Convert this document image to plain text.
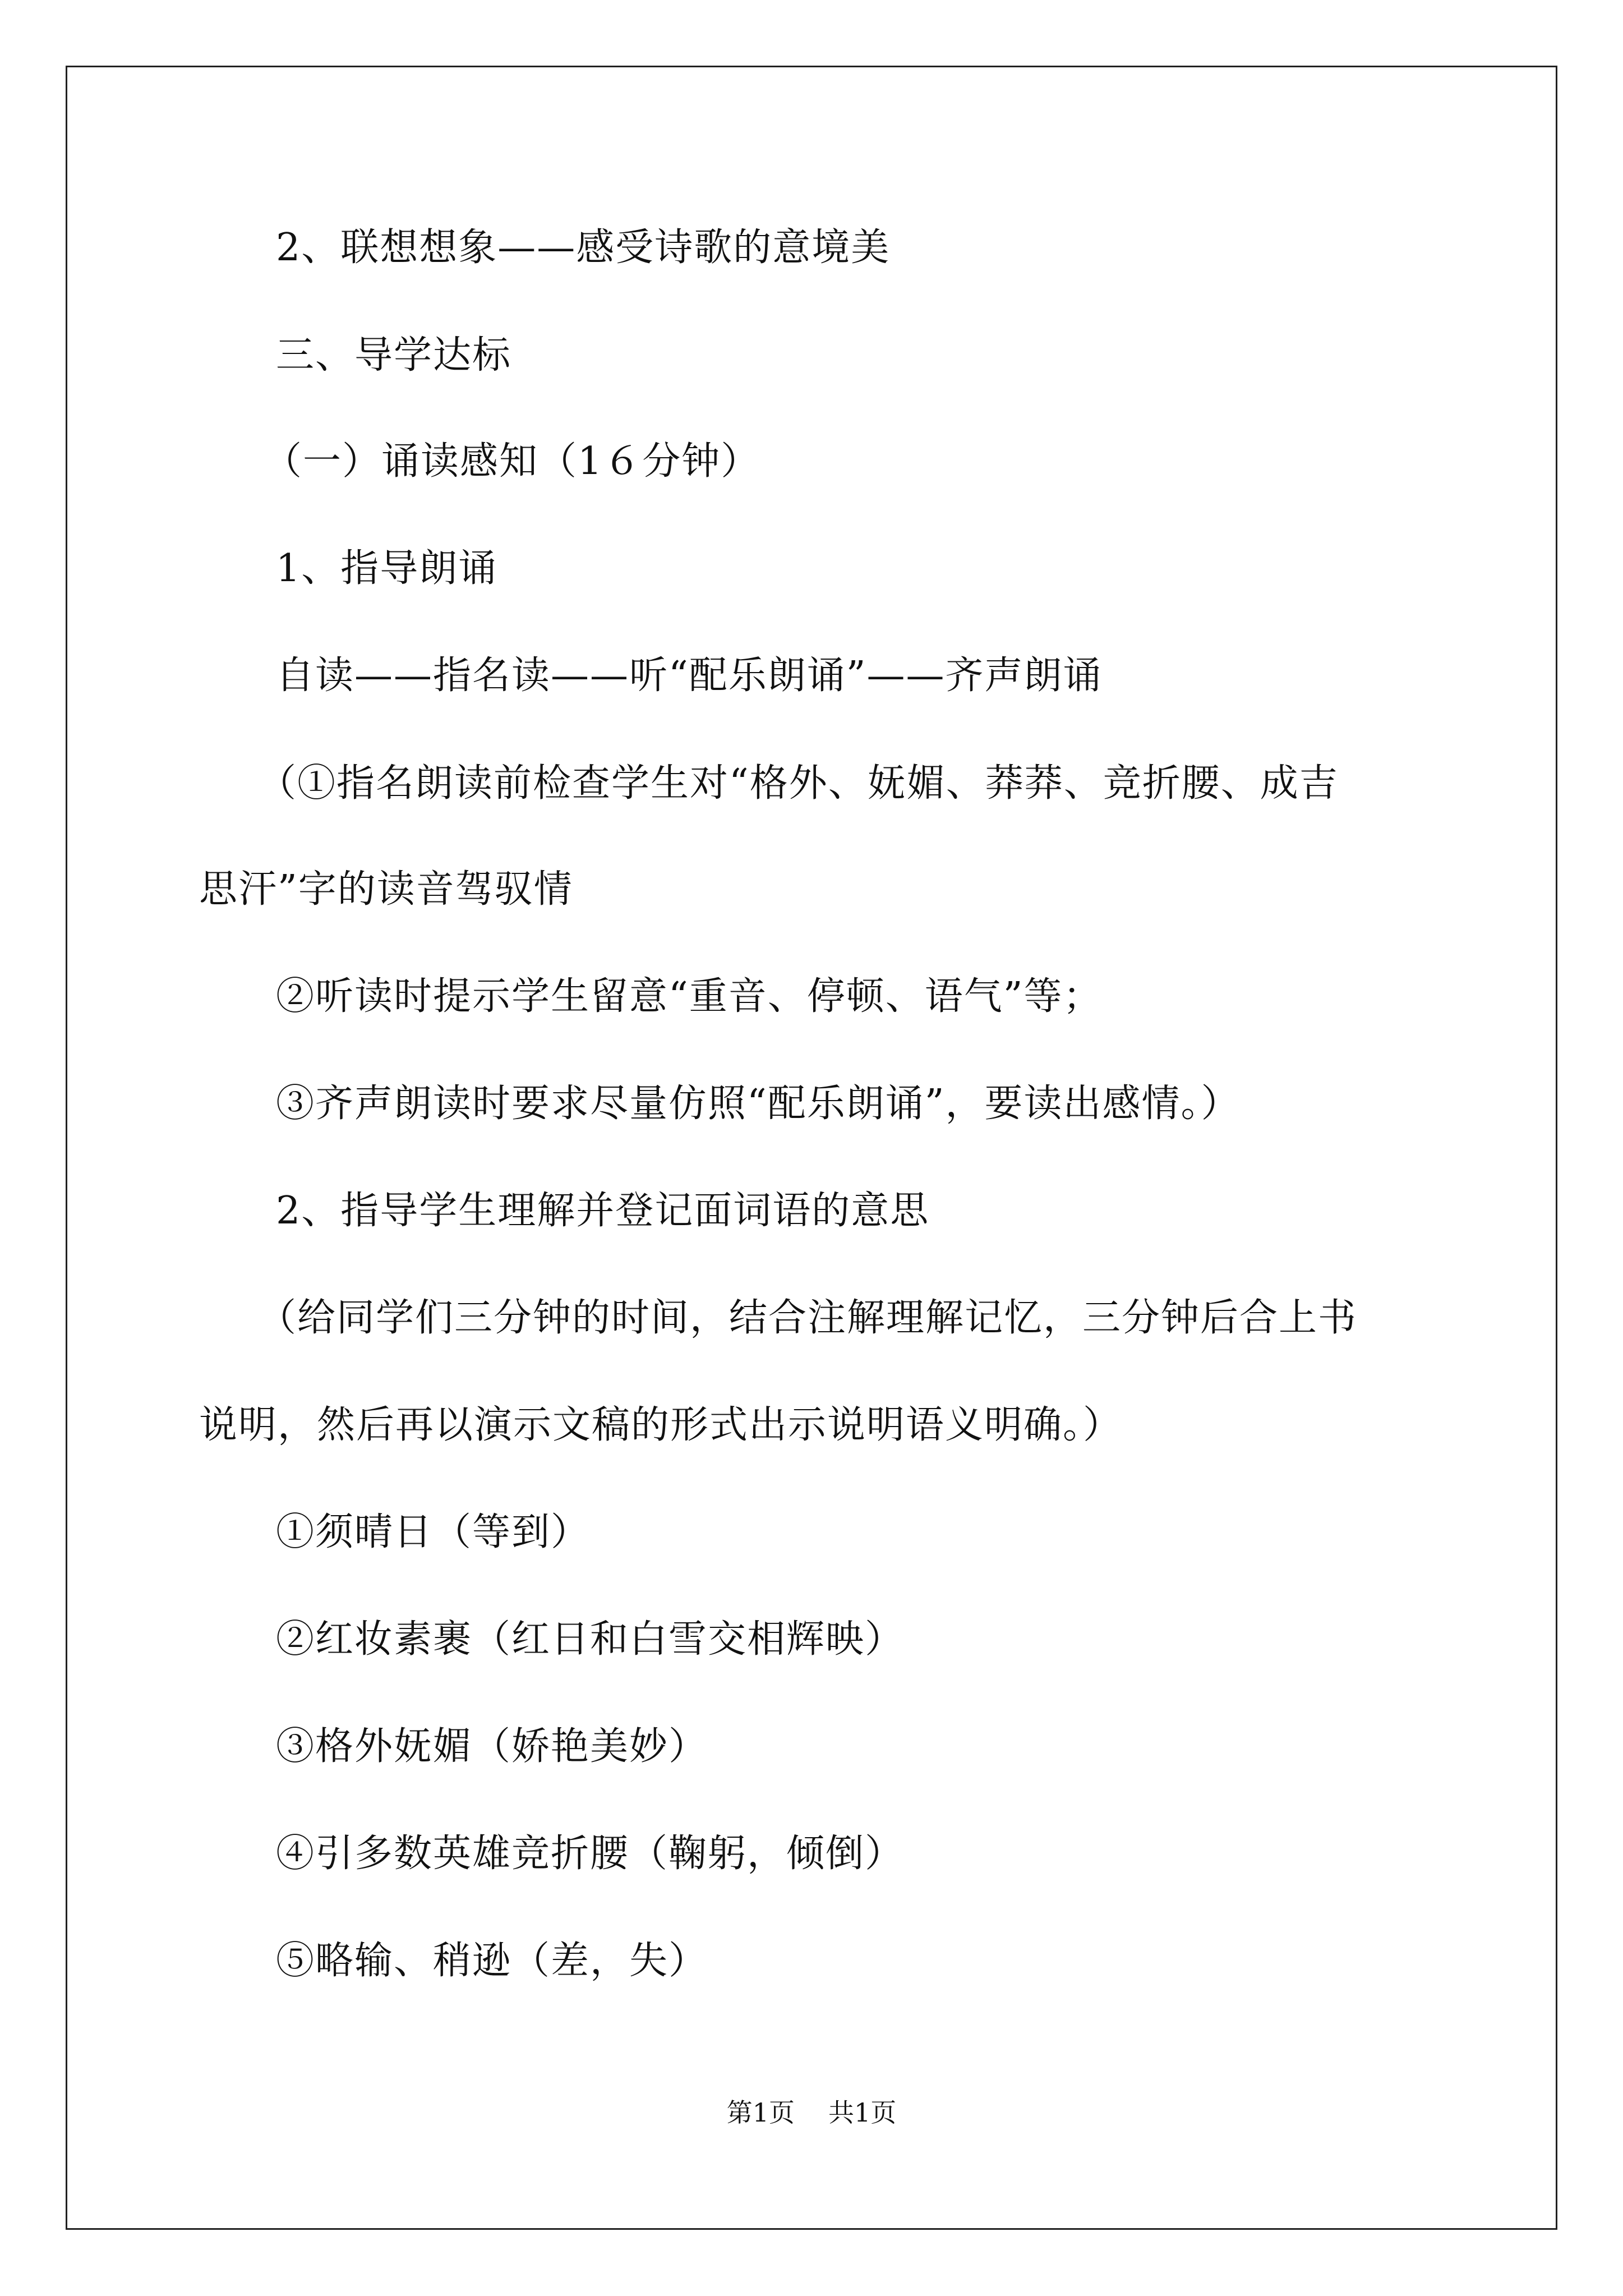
2、联想想象——感受诗歌的意境美
三、导学达标
（一）诵读感知（1６分钟）
1、指导朗诵
自读——指名读——听“配乐朗诵”——齐声朗诵
（①指名朗读前检查学生对“格外、妩媚、莽莽、竞折腰、成吉
思汗”字的读音驾驭情
②听读时提示学生留意“重音、停顿、语气”等；
③齐声朗读时要求尽量仿照“配乐朗诵”，要读出感情。）
2、指导学生理解并登记面词语的意思
（给同学们三分钟的时间，结合注解理解记忆，三分钟后合上书
说明，然后再以演示文稿的形式出示说明语义明确。）
①须晴日（等到）
②红妆素裹（红日和白雪交相辉映）
③格外妩媚（娇艳美妙）
④引多数英雄竞折腰（鞠躬，倾倒）
⑤略输、稍逊（差，失）
第1页 共1页
